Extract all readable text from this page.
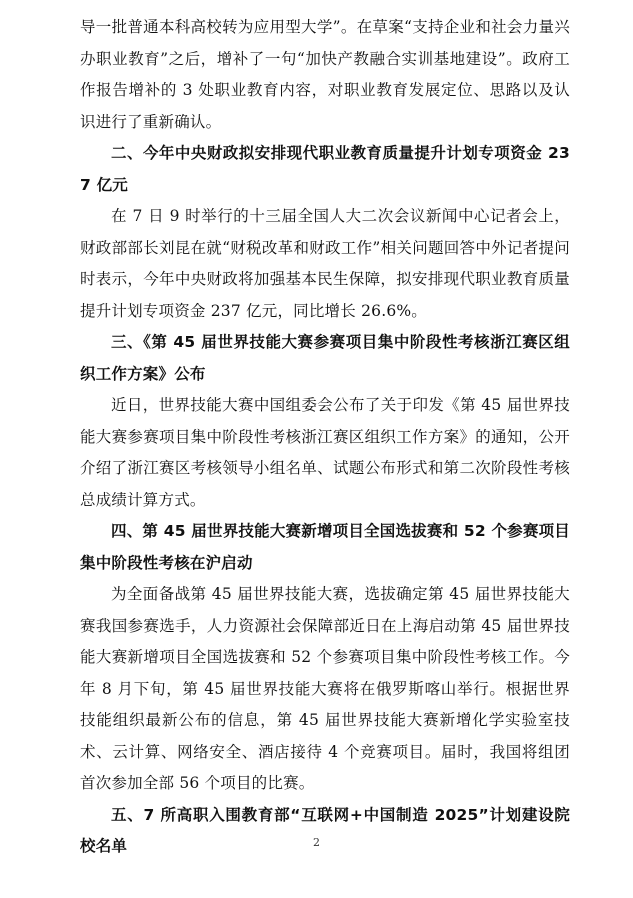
导一批普通本科高校转为应用型大学”。在草案“支持企业和社会力量兴办职业教育”之后，增补了一句“加快产教融合实训基地建设”。政府工作报告增补的 3 处职业教育内容，对职业教育发展定位、思路以及认识进行了重新确认。

二、今年中央财政拟安排现代职业教育质量提升计划专项资金 237 亿元

在 7 日 9 时举行的十三届全国人大二次会议新闻中心记者会上，财政部部长刘昆在就“财税改革和财政工作”相关问题回答中外记者提问时表示，今年中央财政将加强基本民生保障，拟安排现代职业教育质量提升计划专项资金 237 亿元，同比增长 26.6%。

三、《第 45 届世界技能大赛参赛项目集中阶段性考核浙江赛区组织工作方案》公布

近日，世界技能大赛中国组委会公布了关于印发《第 45 届世界技能大赛参赛项目集中阶段性考核浙江赛区组织工作方案》的通知，公开介绍了浙江赛区考核领导小组名单、试题公布形式和第二次阶段性考核总成绩计算方式。

四、第 45 届世界技能大赛新增项目全国选拔赛和 52 个参赛项目集中阶段性考核在沪启动

为全面备战第 45 届世界技能大赛，选拔确定第 45 届世界技能大赛我国参赛选手，人力资源社会保障部近日在上海启动第 45 届世界技能大赛新增项目全国选拔赛和 52 个参赛项目集中阶段性考核工作。今年 8 月下旬，第 45 届世界技能大赛将在俄罗斯喀山举行。根据世界技能组织最新公布的信息，第 45 届世界技能大赛新增化学实验室技术、云计算、网络安全、酒店接待 4 个竞赛项目。届时，我国将组团首次参加全部 56 个项目的比赛。

五、7 所高职入围教育部“互联网+中国制造 2025”计划建设院校名单	2
